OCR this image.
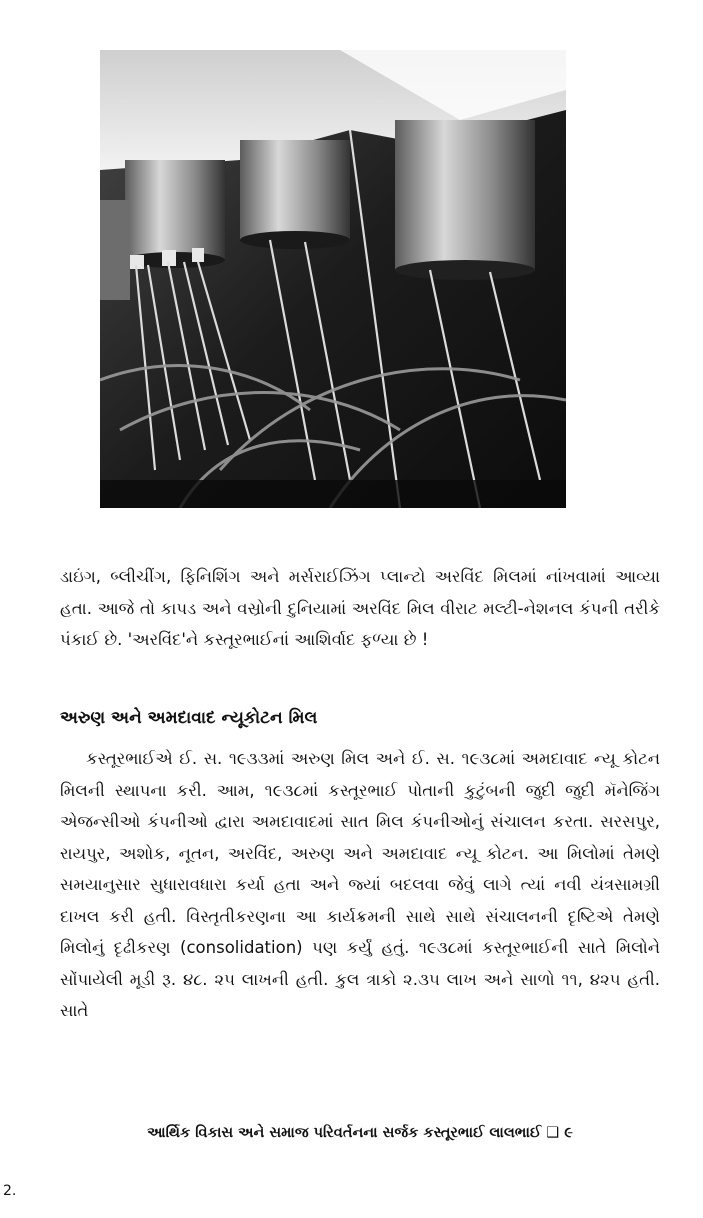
ડાઇંગ, બ્લીચીંગ, ફિનિશિંગ અને મર્સરાઈઝિંગ પ્લાન્ટો અરવિંદ મિલમાં નાંખવામાં આવ્યા હતા. આજે તો કાપડ અને વસ્રોની દુનિયામાં અરવિંદ મિલ વીરાટ મલ્ટી-નેશનલ કંપની તરીકે પંકાઈ છે. 'અરવિંદ'ને કસ્તૂરભાઈનાં આશિર્વાદ ફળ્યા છે !

અરુણ અને અમદાવાદ ન્યૂકોટન મિલ

કસ્તૂરભાઈએ ઈ. સ. ૧૯૩૩માં અરુણ મિલ અને ઈ. સ. ૧૯૩૮માં અમદાવાદ ન્યૂ કોટન મિલની સ્થાપના કરી. આમ, ૧૯૩૮માં કસ્તૂરભાઈ પોતાની કુટુંબની જુદી જુદી મૅનેજિંગ એજન્સીઓ કંપનીઓ દ્વારા અમદાવાદમાં સાત મિલ કંપનીઓનું સંચાલન કરતા. સરસપુર, રાયપુર, અશોક, નૂતન, અરવિંદ, અરુણ અને અમદાવાદ ન્યૂ કોટન. આ મિલોમાં તેમણે સમયાનુસાર સુધારાવધારા કર્યા હતા અને જ્યાં બદલવા જેવું લાગે ત્યાં નવી યંત્રસામગ્રી દાખલ કરી હતી. વિસ્તૃતીકરણના આ કાર્યક્રમની સાથે સાથે સંચાલનની દૃષ્ટિએ તેમણે મિલોનું દૃઢીકરણ (consolidation) પણ કર્યું હતું. ૧૯૩૮માં કસ્તૂરભાઈની સાતે મિલોને સોંપાયેલી મૂડી રૂ. ૪૮. ૨૫ લાખની હતી. કુલ ત્રાકો ૨.૩૫ લાખ અને સાળો ૧૧, ૪૨૫ હતી. સાતે

આર્થિક વિકાસ અને સમાજ પરિવર્તનના સર્જક કસ્તૂરભાઈ લાલભાઈ ❑ ૯
2.
